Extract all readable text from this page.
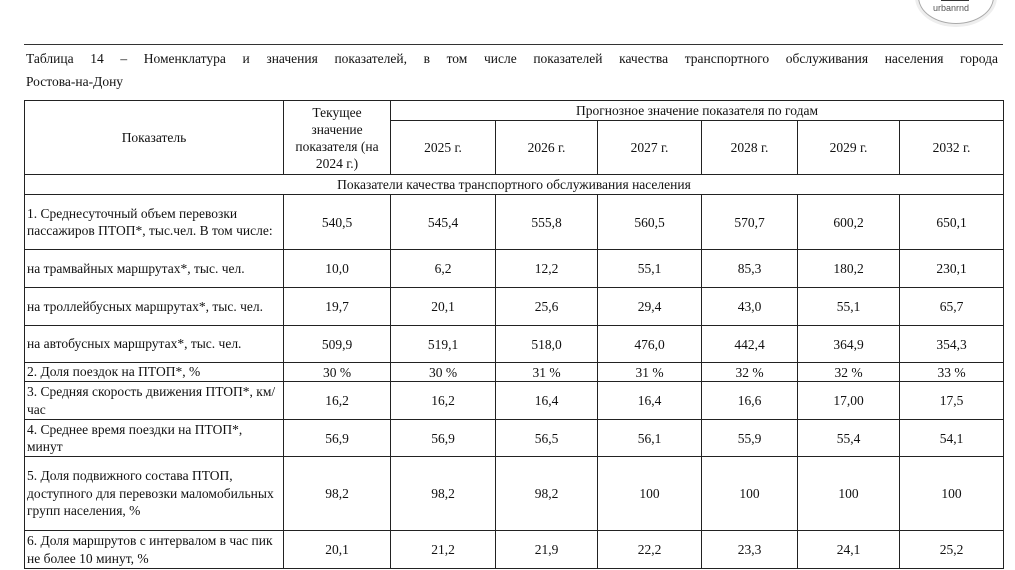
urbanrnd
Таблица 14 – Номенклатура и значения показателей, в том числе показателей качества транспортного обслуживания населения города
Ростова-на-Дону
Показатель	Текущее значение показателя (на 2024 г.)	Прогнозное значение показателя по годам					
		2025 г.	2026 г.	2027 г.	2028 г.	2029 г.	2032 г.
Показатели качества транспортного обслуживания населения							
1. Среднесуточный объем перевозки пассажиров ПТОП*, тыс.чел. В том числе:	540,5	545,4	555,8	560,5	570,7	600,2	650,1
на трамвайных маршрутах*, тыс. чел.	10,0	6,2	12,2	55,1	85,3	180,2	230,1
на троллейбусных маршрутах*, тыс. чел.	19,7	20,1	25,6	29,4	43,0	55,1	65,7
на автобусных маршрутах*, тыс. чел.	509,9	519,1	518,0	476,0	442,4	364,9	354,3
2. Доля поездок на ПТОП*, %	30 %	30 %	31 %	31 %	32 %	32 %	33 %
3. Средняя скорость движения ПТОП*, км/час	16,2	16,2	16,4	16,4	16,6	17,00	17,5
4. Среднее время поездки на ПТОП*, минут	56,9	56,9	56,5	56,1	55,9	55,4	54,1
5. Доля подвижного состава ПТОП, доступного для перевозки маломобильных групп населения, %	98,2	98,2	98,2	100	100	100	100
6. Доля маршрутов с интервалом в час пик не более 10 минут, %	20,1	21,2	21,9	22,2	23,3	24,1	25,2
